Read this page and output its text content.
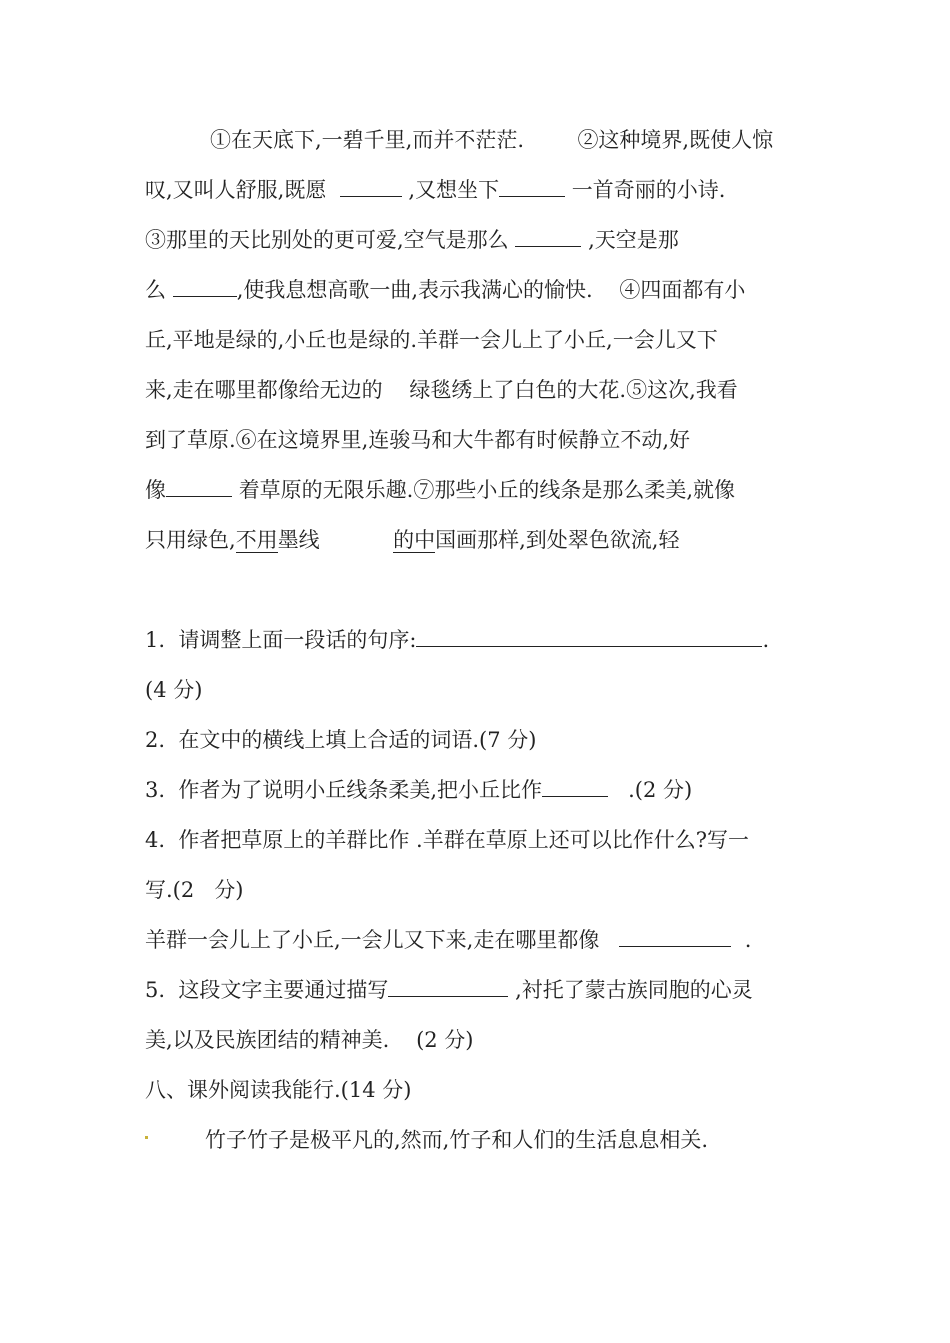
①在天底下,一碧千里,而并不茫茫.	②这种境界,既使人惊
叹,又叫人舒服,既愿	,又想坐下	一首奇丽的小诗.
③那里的天比别处的更可爱,空气是那么	,天空是那
么	,使我息想高歌一曲,表示我满心的愉快. ④四面都有小
丘,平地是绿的,小丘也是绿的.羊群一会儿上了小丘,一会儿又下
来,走在哪里都像给无边的 绿毯绣上了白色的大花.⑤这次,我看
到了草原.⑥在这境界里,连骏马和大牛都有时候静立不动,好
像	着草原的无限乐趣.⑦那些小丘的线条是那么柔美,就像
只用绿色,不用墨线	的中国画那样,到处翠色欲流,轻
1.  请调整上面一段话的句序:	.
(4 分)
2.  在文中的横线上填上合适的词语.(7 分)
3.  作者为了说明小丘线条柔美,把小丘比作	.(2 分)
4.  作者把草原上的羊群比作 .羊群在草原上还可以比作什么?写一
写.(2   分)
羊群一会儿上了小丘,一会儿又下来,走在哪里都像	.
5.  这段文字主要通过描写	,衬托了蒙古族同胞的心灵
美,以及民族团结的精神美. (2 分)
八、课外阅读我能行.(14 分)
竹子竹子是极平凡的,然而,竹子和人们的生活息息相关.
